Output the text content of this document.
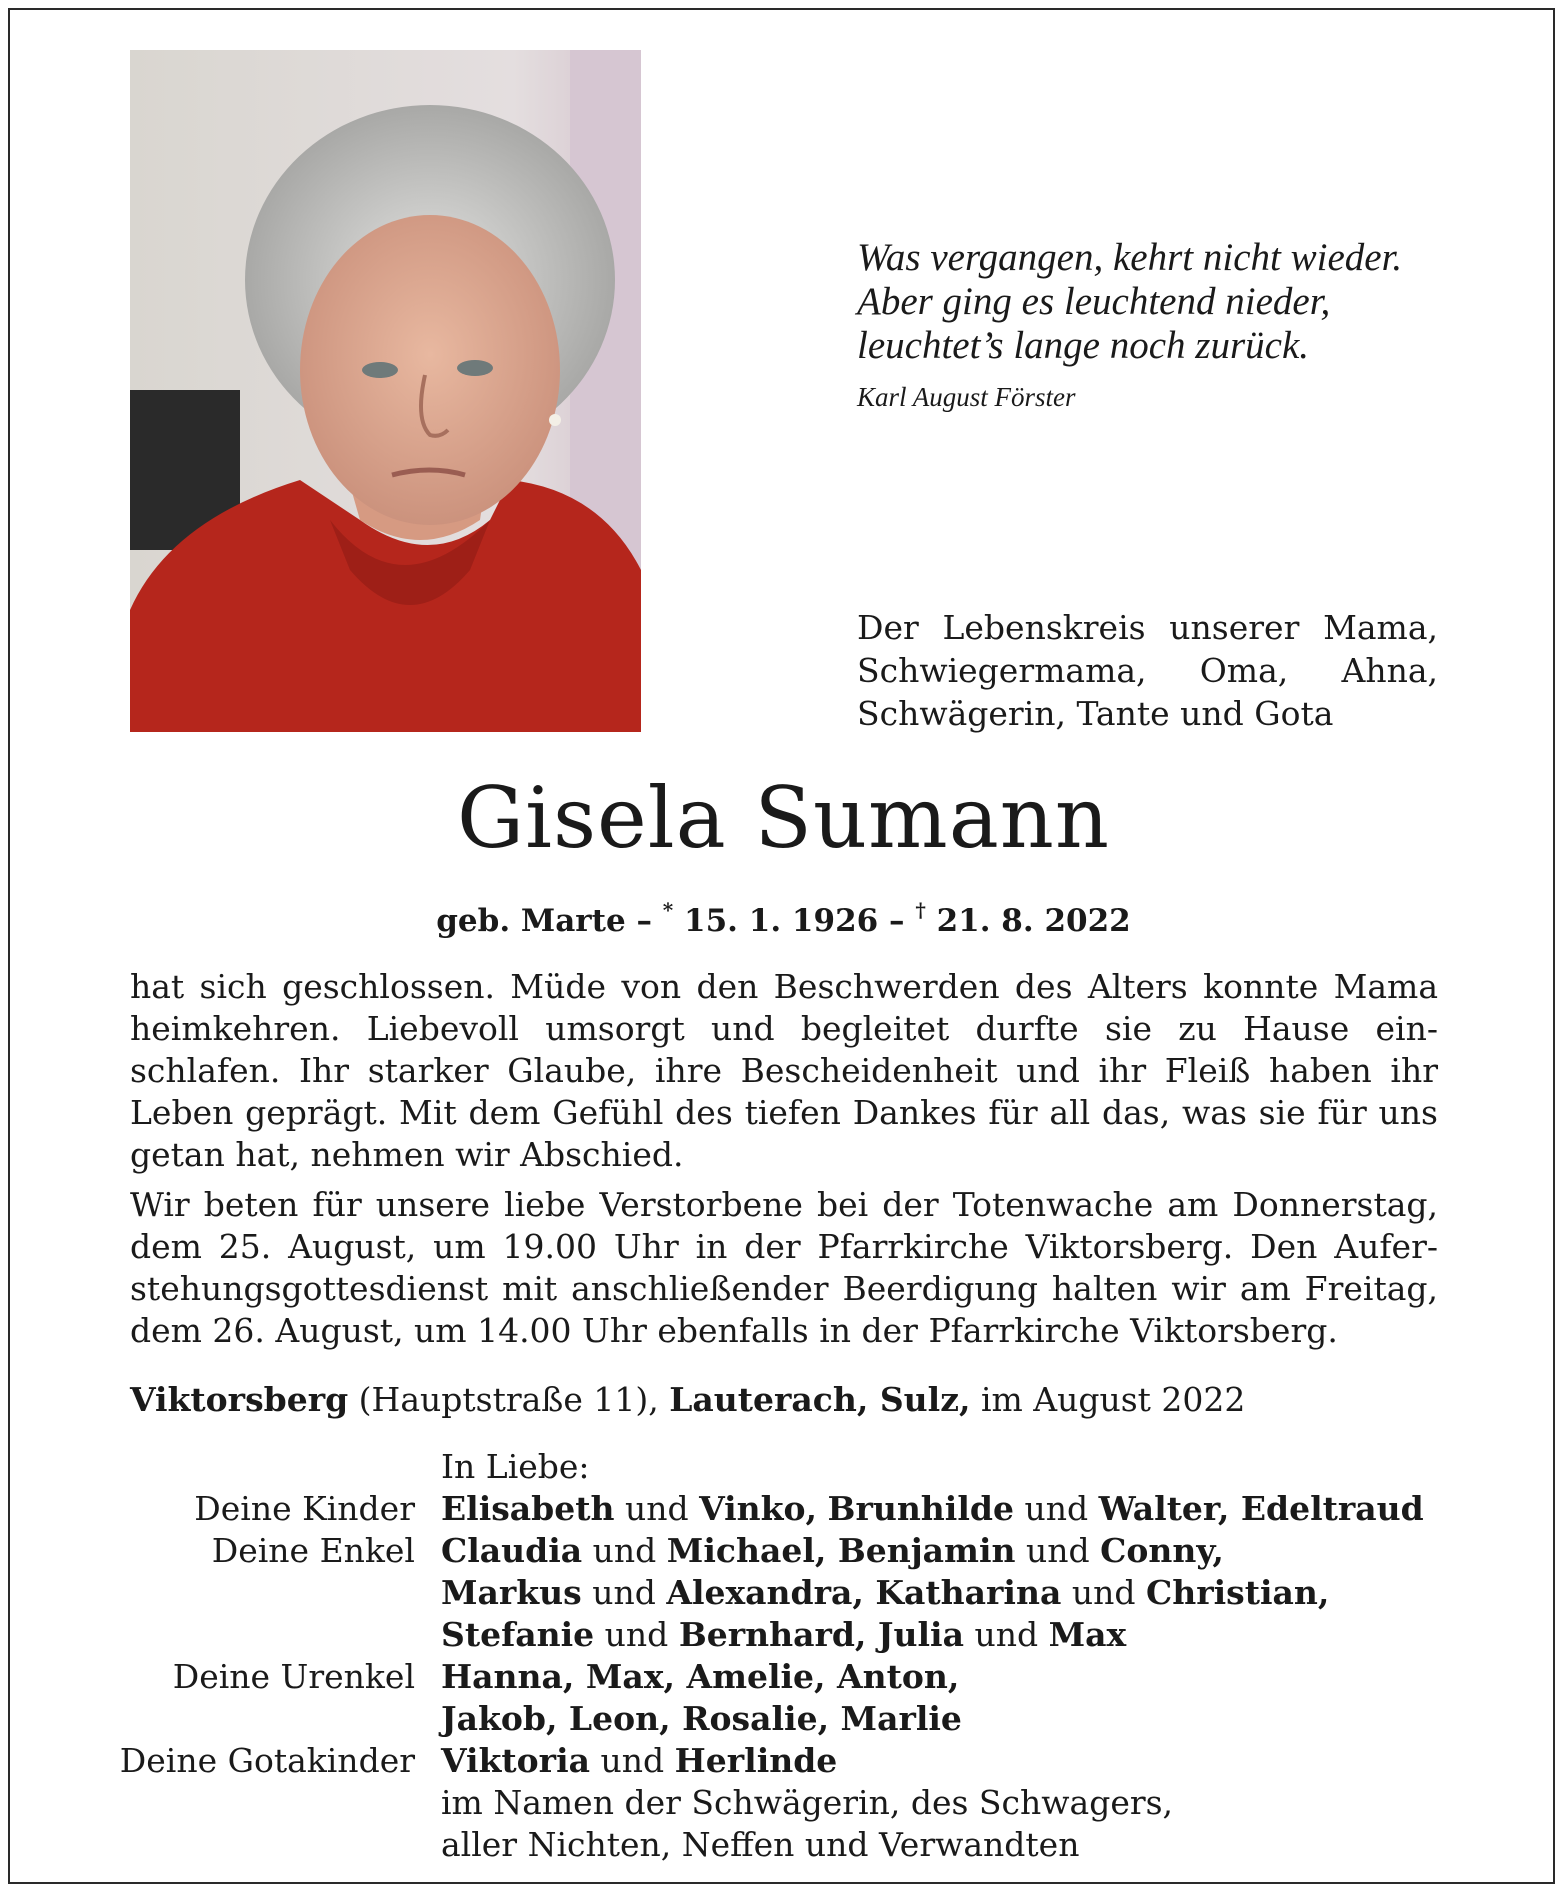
Was vergangen, kehrt nicht wieder.
Aber ging es leuchtend nieder,
leuchtet’s lange noch zurück.
Karl August Förster
Der Lebenskreis unserer Mama,
Schwiegermama, Oma, Ahna,
Schwägerin, Tante und Gota
Gisela Sumann
geb. Marte – * 15. 1. 1926 – † 21. 8. 2022
hat sich geschlossen. Müde von den Beschwerden des Alters konnte Mama
heimkehren. Liebevoll umsorgt und begleitet durfte sie zu Hause ein-
schlafen. Ihr starker Glaube, ihre Bescheidenheit und ihr Fleiß haben ihr
Leben geprägt. Mit dem Gefühl des tiefen Dankes für all das, was sie für uns
getan hat, nehmen wir Abschied.
Wir beten für unsere liebe Verstorbene bei der Totenwache am Donnerstag,
dem 25. August, um 19.00 Uhr in der Pfarrkirche Viktorsberg. Den Aufer-
stehungsgottesdienst mit anschließender Beerdigung halten wir am Freitag,
dem 26. August, um 14.00 Uhr ebenfalls in der Pfarrkirche Viktorsberg.
Viktorsberg (Hauptstraße 11), Lauterach, Sulz, im August 2022
In Liebe:
Deine Kinder Elisabeth und Vinko, Brunhilde und Walter, Edeltraud
Deine Enkel Claudia und Michael, Benjamin und Conny,
Markus und Alexandra, Katharina und Christian,
Stefanie und Bernhard, Julia und Max
Deine Urenkel Hanna, Max, Amelie, Anton,
Jakob, Leon, Rosalie, Marlie
Deine Gotakinder Viktoria und Herlinde
im Namen der Schwägerin, des Schwagers,
aller Nichten, Neffen und Verwandten
